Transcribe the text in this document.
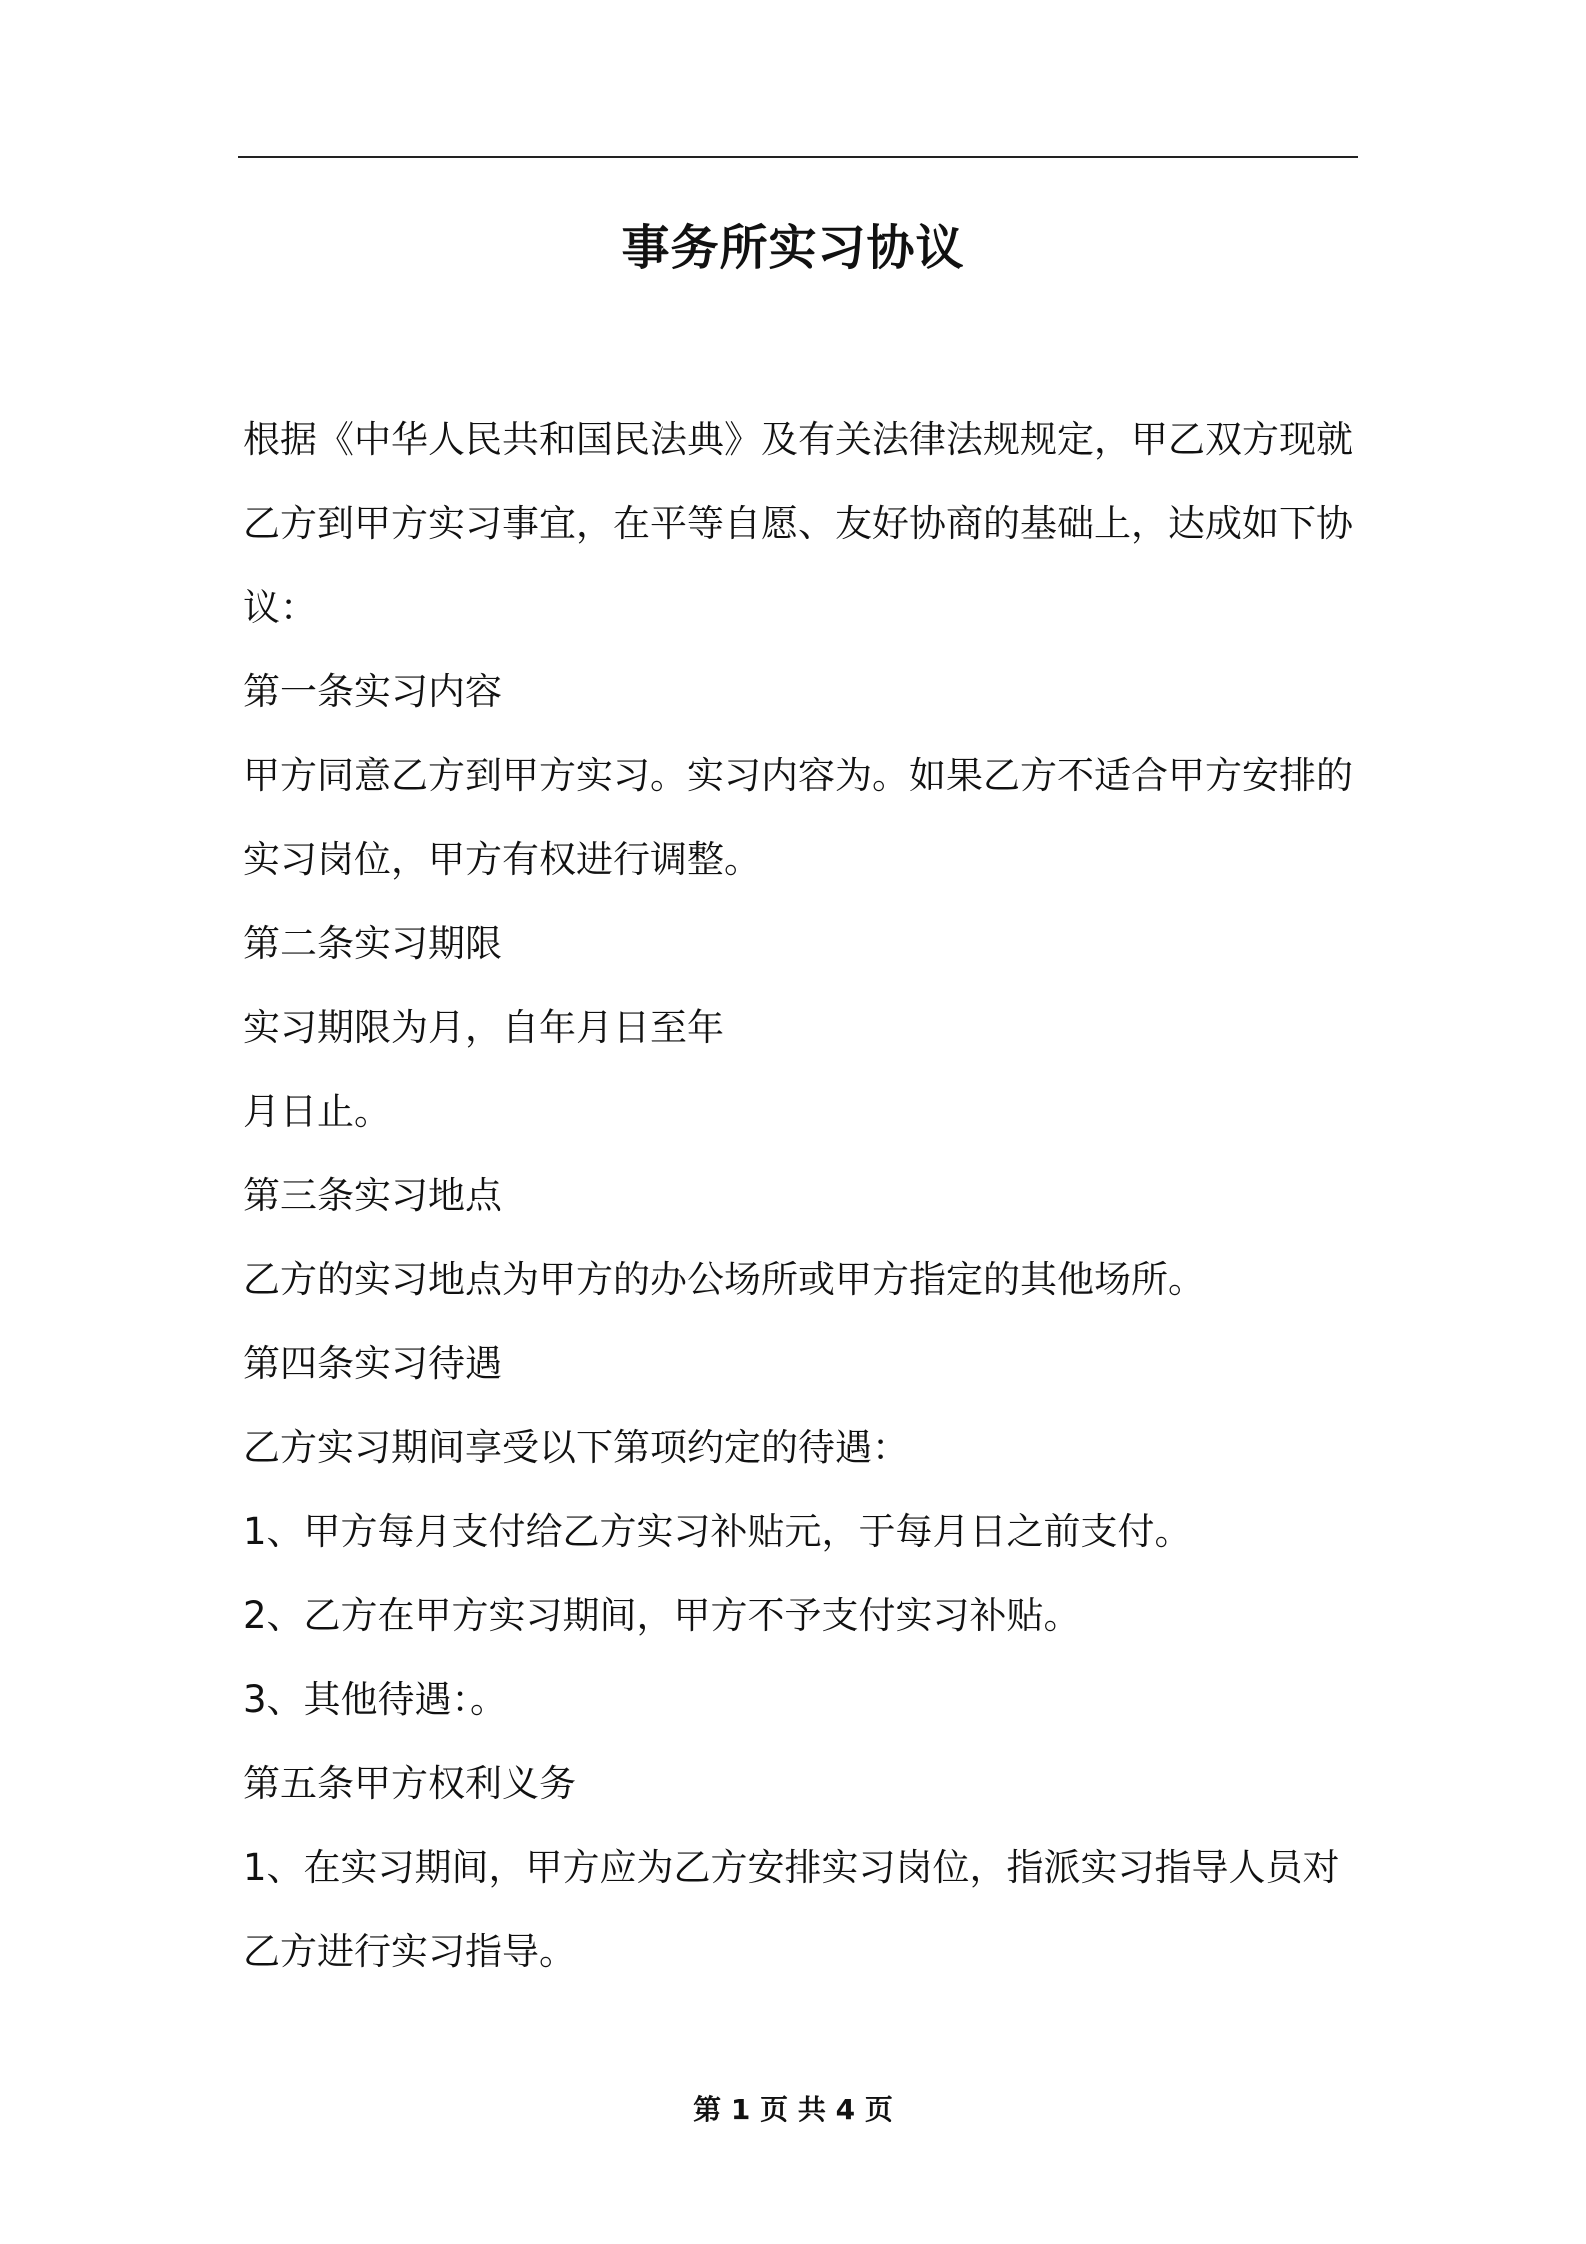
事务所实习协议
根据《中华人民共和国民法典》及有关法律法规规定，甲乙双方现就
乙方到甲方实习事宜，在平等自愿、友好协商的基础上，达成如下协
议：
第一条实习内容
甲方同意乙方到甲方实习。实习内容为。如果乙方不适合甲方安排的
实习岗位，甲方有权进行调整。
第二条实习期限
实习期限为月，自年月日至年
月日止。
第三条实习地点
乙方的实习地点为甲方的办公场所或甲方指定的其他场所。
第四条实习待遇
乙方实习期间享受以下第项约定的待遇：
1、甲方每月支付给乙方实习补贴元，于每月日之前支付。
2、乙方在甲方实习期间，甲方不予支付实习补贴。
3、其他待遇：。
第五条甲方权利义务
1、在实习期间，甲方应为乙方安排实习岗位，指派实习指导人员对
乙方进行实习指导。
第 1 页 共 4 页
